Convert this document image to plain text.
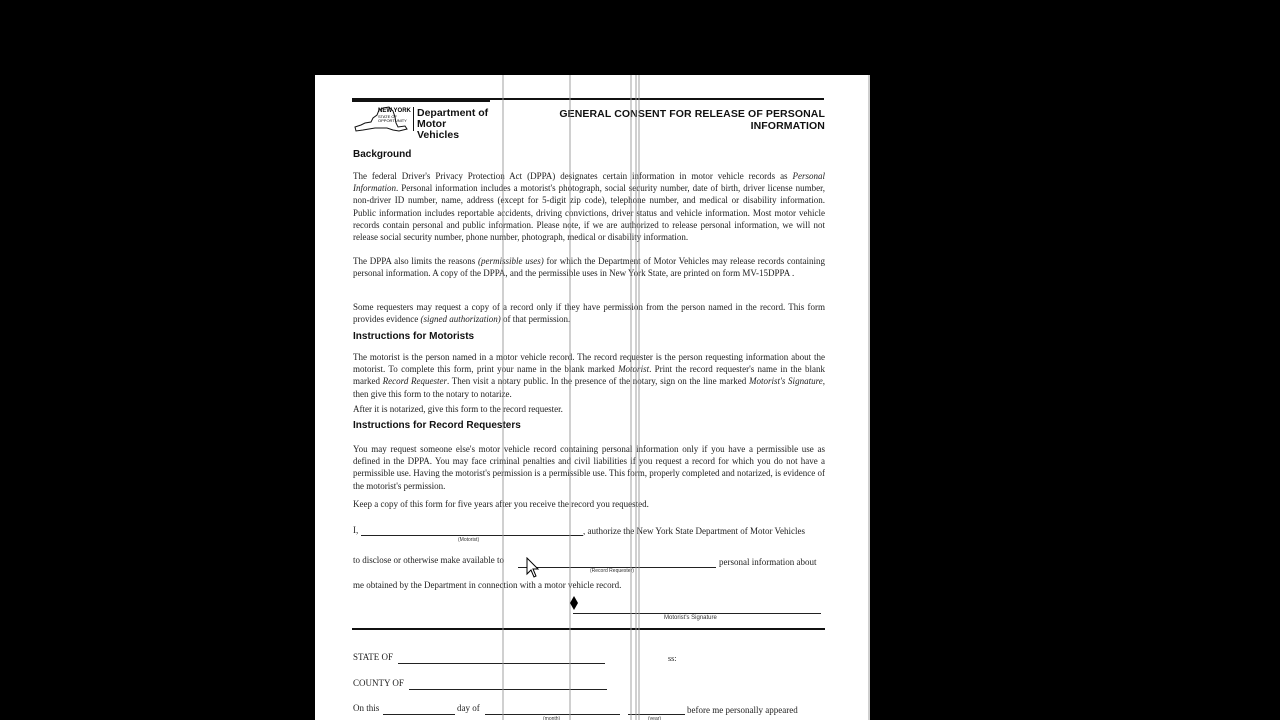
NEW YORK
STATE OF OPPORTUNITY
Department of Motor Vehicles
GENERAL CONSENT FOR RELEASE OF PERSONAL INFORMATION
Background
The federal Driver's Privacy Protection Act (DPPA) designates certain information in motor vehicle records as Personal Information. Personal information includes a motorist's photograph, social security number, date of birth, driver license number, non-driver ID number, name, address (except for 5-digit zip code), telephone number, and medical or disability information. Public information includes reportable accidents, driving convictions, driver status and vehicle information. Most motor vehicle records contain personal and public information. Please note, if we are authorized to release personal information, we will not release social security number, phone number, photograph, medical or disability information.
The DPPA also limits the reasons (permissible uses) for which the Department of Motor Vehicles may release records containing personal information. A copy of the DPPA, and the permissible uses in New York State, are printed on form MV-15DPPA .
Some requesters may request a copy of a record only if they have permission from the person named in the record. This form provides evidence (signed authorization) of that permission.
Instructions for Motorists
The motorist is the person named in a motor vehicle record. The record requester is the person requesting information about the motorist. To complete this form, print your name in the blank marked Motorist. Print the record requester's name in the blank marked Record Requester. Then visit a notary public. In the presence of the notary, sign on the line marked Motorist's Signature, then give this form to the notary to notarize.
After it is notarized, give this form to the record requester.
Instructions for Record Requesters
You may request someone else's motor vehicle record containing personal information only if you have a permissible use as defined in the DPPA. You may face criminal penalties and civil liabilities if you request a record for which you do not have a permissible use. Having the motorist's permission is a permissible use. This form, properly completed and notarized, is evidence of the motorist's permission.
Keep a copy of this form for five years after you receive the record you requested.
I,
(Motorist)
, authorize the New York State Department of Motor Vehicles
to disclose or otherwise make available to
(Record Requester)
personal information about
me obtained by the Department in connection with a motor vehicle record.
Motorist's Signature
STATE OF	ss:
COUNTY OF
On this	day of
(month)	(year)
before me personally appeared
